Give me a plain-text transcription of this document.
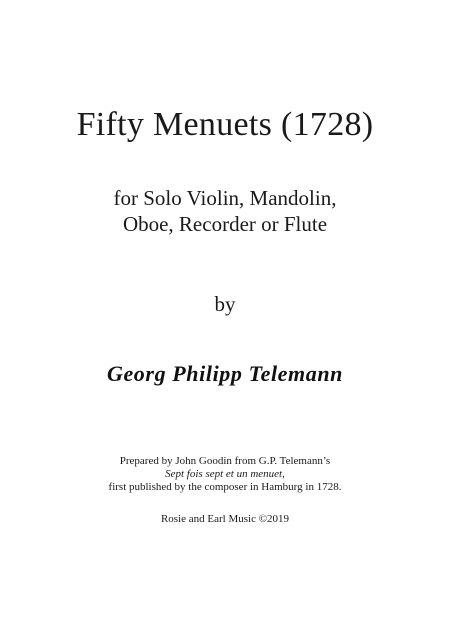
Fifty Menuets (1728)
for Solo Violin, Mandolin,
Oboe, Recorder or Flute
by
Georg Philipp Telemann
Prepared by John Goodin from G.P. Telemann’s
Sept fois sept et un menuet,
first published by the composer in Hamburg in 1728.
Rosie and Earl Music ©2019
